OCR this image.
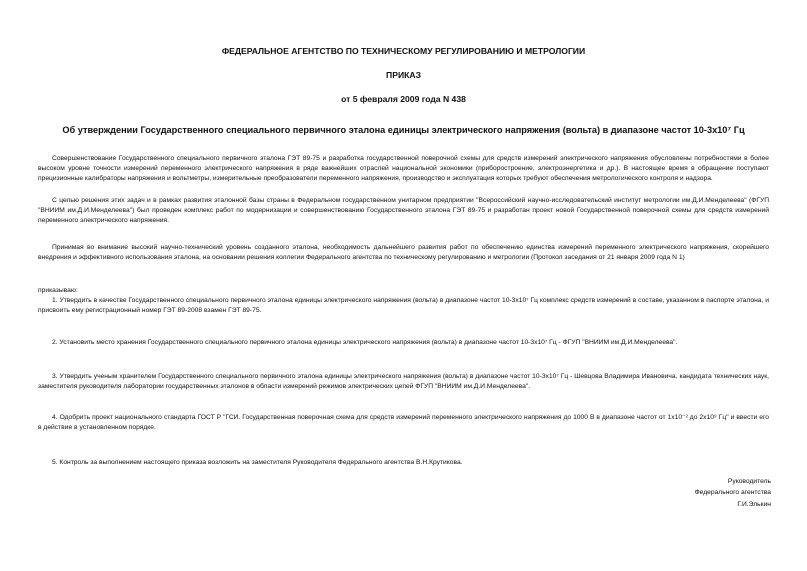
ФЕДЕРАЛЬНОЕ АГЕНТСТВО ПО ТЕХНИЧЕСКОМУ РЕГУЛИРОВАНИЮ И МЕТРОЛОГИИ
ПРИКАЗ
от 5 февраля 2009 года N 438
Об утверждении Государственного специального первичного эталона единицы электрического напряжения (вольта) в диапазоне частот 10-3х10⁷ Гц
Совершенствование Государственного специального первичного эталона ГЭТ 89-75 и разработка государственной поверочной схемы для средств измерений электрического напряжения обусловлены потребностями в более высоком уровне точности измерений переменного электрического напряжения в ряде важнейших отраслей национальной экономики (приборостроение, электроэнергетика и др.). В настоящее время в обращение поступают прецизионные калибраторы напряжения и вольтметры, измерительные преобразователи переменного напряжения, производство и эксплуатация которых требуют обеспечения метрологического контроля и надзора.
С целью решения этих задач и в рамках развития эталонной базы страны в Федеральном государственном унитарном предприятии "Всероссийский научно-исследовательский институт метрологии им.Д.И.Менделеева" (ФГУП "ВНИИМ им.Д.И.Менделеева") был проведен комплекс работ по модернизации и совершенствованию Государственного эталона ГЭТ 89-75 и разработан проект новой Государственной поверочной схемы для средств измерений переменного электрического напряжения.
Принимая во внимание высокий научно-технический уровень созданного эталона, необходимость дальнейшего развития работ по обеспечению единства измерений переменного электрического напряжения, скорейшего внедрения и эффективного использования эталона, на основании решения коллегии Федерального агентства по техническому регулированию и метрологии (Протокол заседания от 21 января 2009 года N 1)
приказываю:
1. Утвердить в качестве Государственного специального первичного эталона единицы электрического напряжения (вольта) в диапазоне частот 10-3х10⁷ Гц комплекс средств измерений в составе, указанном в паспорте эталона, и присвоить ему регистрационный номер ГЭТ 89-2008 взамен ГЭТ 89-75.
2. Установить место хранения Государственного специального первичного эталона единицы электрического напряжения (вольта) в диапазоне частот 10-3х10⁷ Гц - ФГУП "ВНИИМ им.Д.И.Менделеева".
3. Утвердить ученым хранителем Государственного специального первичного эталона единицы электрического напряжения (вольта) в диапазоне частот 10-3х10⁷ Гц - Шевцова Владимира Ивановича, кандидата технических наук, заместителя руководителя лаборатории государственных эталонов в области измерений режимов электрических цепей ФГУП "ВНИИМ им.Д.И.Менделеева".
4. Одобрить проект национального стандарта ГОСТ Р "ГСИ. Государственная поверочная схема для средств измерений переменного электрического напряжения до 1000 В в диапазоне частот от 1х10⁻² до 2х10⁹ Гц" и ввести его в действие в установленном порядке.
5. Контроль за выполнением настоящего приказа возложить на заместителя Руководителя Федерального агентства В.Н.Крутикова.
Руководитель
Федерального агентства
Г.И.Элькин
